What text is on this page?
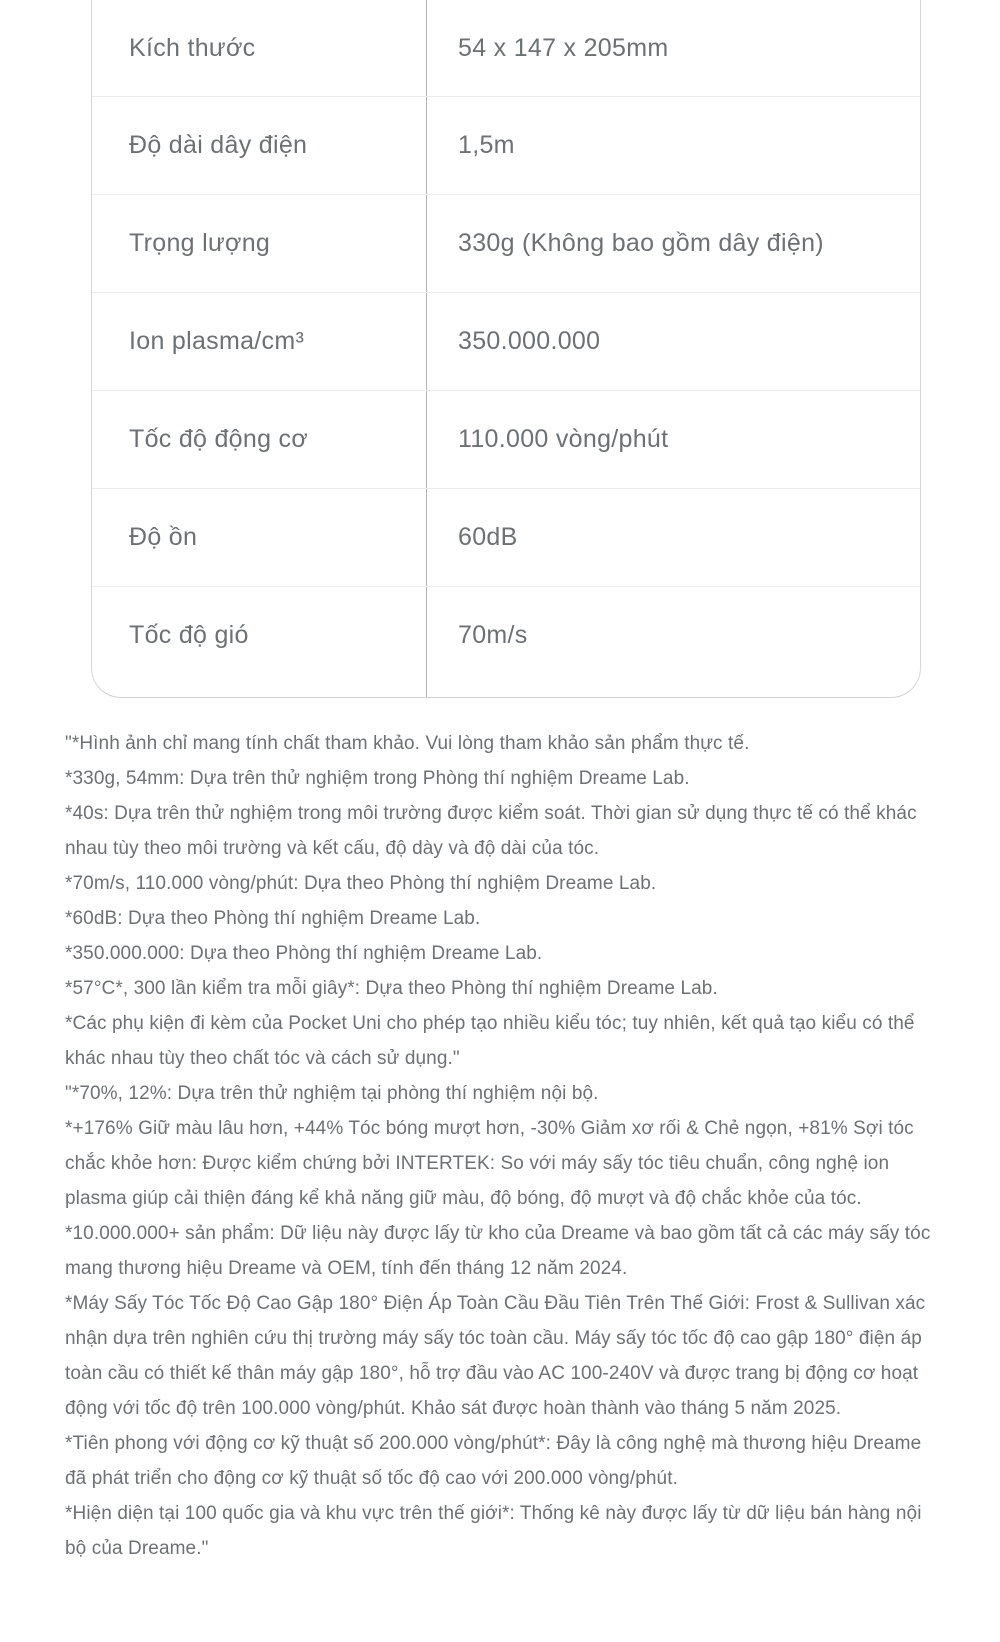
Kích thước	54 x 147 x 205mm
Độ dài dây điện	1,5m
Trọng lượng	330g (Không bao gồm dây điện)
Ion plasma/cm³	350.000.000
Tốc độ động cơ	110.000 vòng/phút
Độ ồn	60dB
Tốc độ gió	70m/s

"*Hình ảnh chỉ mang tính chất tham khảo. Vui lòng tham khảo sản phẩm thực tế.

*330g, 54mm: Dựa trên thử nghiệm trong Phòng thí nghiệm Dreame Lab.

*40s: Dựa trên thử nghiệm trong môi trường được kiểm soát. Thời gian sử dụng thực tế có thể khác nhau tùy theo môi trường và kết cấu, độ dày và độ dài của tóc.

*70m/s, 110.000 vòng/phút: Dựa theo Phòng thí nghiệm Dreame Lab.

*60dB: Dựa theo Phòng thí nghiệm Dreame Lab.

*350.000.000: Dựa theo Phòng thí nghiệm Dreame Lab.

*57°C*, 300 lần kiểm tra mỗi giây*: Dựa theo Phòng thí nghiệm Dreame Lab.

*Các phụ kiện đi kèm của Pocket Uni cho phép tạo nhiều kiểu tóc; tuy nhiên, kết quả tạo kiểu có thể khác nhau tùy theo chất tóc và cách sử dụng."

"*70%, 12%: Dựa trên thử nghiệm tại phòng thí nghiệm nội bộ.

*+176% Giữ màu lâu hơn, +44% Tóc bóng mượt hơn, -30% Giảm xơ rối & Chẻ ngọn, +81% Sợi tóc chắc khỏe hơn: Được kiểm chứng bởi INTERTEK: So với máy sấy tóc tiêu chuẩn, công nghệ ion plasma giúp cải thiện đáng kể khả năng giữ màu, độ bóng, độ mượt và độ chắc khỏe của tóc.

*10.000.000+ sản phẩm: Dữ liệu này được lấy từ kho của Dreame và bao gồm tất cả các máy sấy tóc mang thương hiệu Dreame và OEM, tính đến tháng 12 năm 2024.

*Máy Sấy Tóc Tốc Độ Cao Gập 180° Điện Áp Toàn Cầu Đầu Tiên Trên Thế Giới: Frost & Sullivan xác nhận dựa trên nghiên cứu thị trường máy sấy tóc toàn cầu. Máy sấy tóc tốc độ cao gập 180° điện áp toàn cầu có thiết kế thân máy gập 180°, hỗ trợ đầu vào AC 100-240V và được trang bị động cơ hoạt động với tốc độ trên 100.000 vòng/phút. Khảo sát được hoàn thành vào tháng 5 năm 2025.

*Tiên phong với động cơ kỹ thuật số 200.000 vòng/phút*: Đây là công nghệ mà thương hiệu Dreame đã phát triển cho động cơ kỹ thuật số tốc độ cao với 200.000 vòng/phút.

*Hiện diện tại 100 quốc gia và khu vực trên thế giới*: Thống kê này được lấy từ dữ liệu bán hàng nội bộ của Dreame."
